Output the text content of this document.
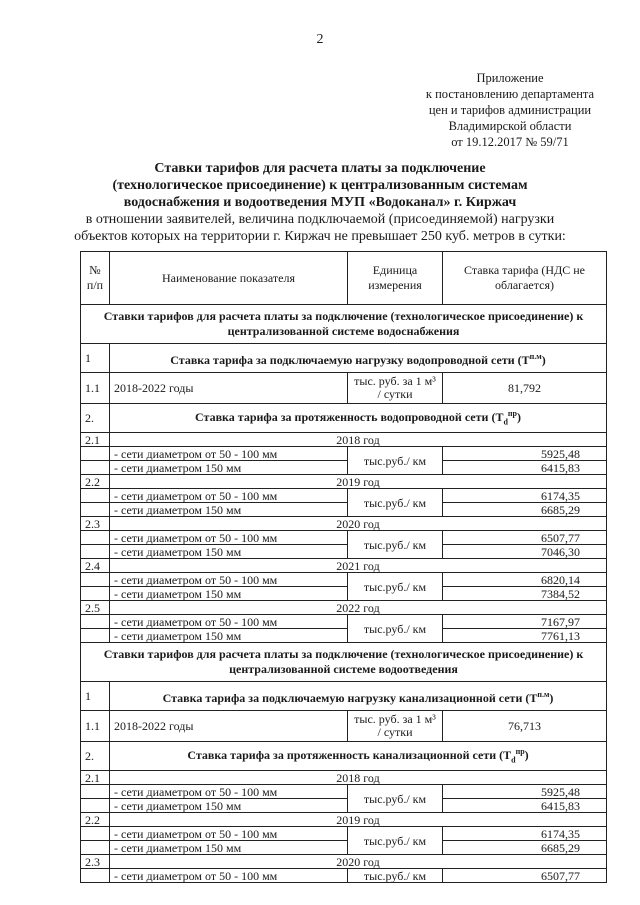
2
Приложение
к постановлению департамента
цен и тарифов администрации
Владимирской области
от 19.12.2017 № 59/71
Ставки тарифов для расчета платы за подключение
(технологическое присоединение) к централизованным системам
водоснабжения и водоотведения МУП «Водоканал» г. Киржач
в отношении заявителей, величина подключаемой (присоединяемой) нагрузки
объектов которых на территории г. Киржач не превышает 250 куб. метров в сутки:
№ п/п	Наименование показателя	Единица измерения	Ставка тарифа (НДС не облагается)
Ставки тарифов для расчета платы за подключение (технологическое присоединение) к централизованной системе водоснабжения			
1	Ставка тарифа за подключаемую нагрузку водопроводной сети $(Т^{п.м})$		
1.1	2018-2022 годы	тыс. руб. за 1 м³ / сутки	81,792
2.	Ставка тарифа за протяженность водопроводной сети $(Т_d^{пр})$		
2.1	2018 год		
	- сети диаметром от 50 - 100 мм	тыс.руб./ км	5925,48
	- сети диаметром 150 мм		6415,83
2.2	2019 год		
	- сети диаметром от 50 - 100 мм	тыс.руб./ км	6174,35
	- сети диаметром 150 мм		6685,29
2.3	2020 год		
	- сети диаметром от 50 - 100 мм	тыс.руб./ км	6507,77
	- сети диаметром 150 мм		7046,30
2.4	2021 год		
	- сети диаметром от 50 - 100 мм	тыс.руб./ км	6820,14
	- сети диаметром 150 мм		7384,52
2.5	2022 год		
	- сети диаметром от 50 - 100 мм	тыс.руб./ км	7167,97
	- сети диаметром 150 мм		7761,13
Ставки тарифов для расчета платы за подключение (технологическое присоединение) к централизованной системе водоотведения			
1	Ставка тарифа за подключаемую нагрузку канализационной сети $(Т^{п.м})$		
1.1	2018-2022 годы	тыс. руб. за 1 м³ / сутки	76,713
2.	Ставка тарифа за протяженность канализационной сети $(Т_d^{пр})$		
2.1	2018 год		
	- сети диаметром от 50 - 100 мм	тыс.руб./ км	5925,48
	- сети диаметром 150 мм		6415,83
2.2	2019 год		
	- сети диаметром от 50 - 100 мм	тыс.руб./ км	6174,35
	- сети диаметром 150 мм		6685,29
2.3	2020 год		
	- сети диаметром от 50 - 100 мм	тыс.руб./ км	6507,77
